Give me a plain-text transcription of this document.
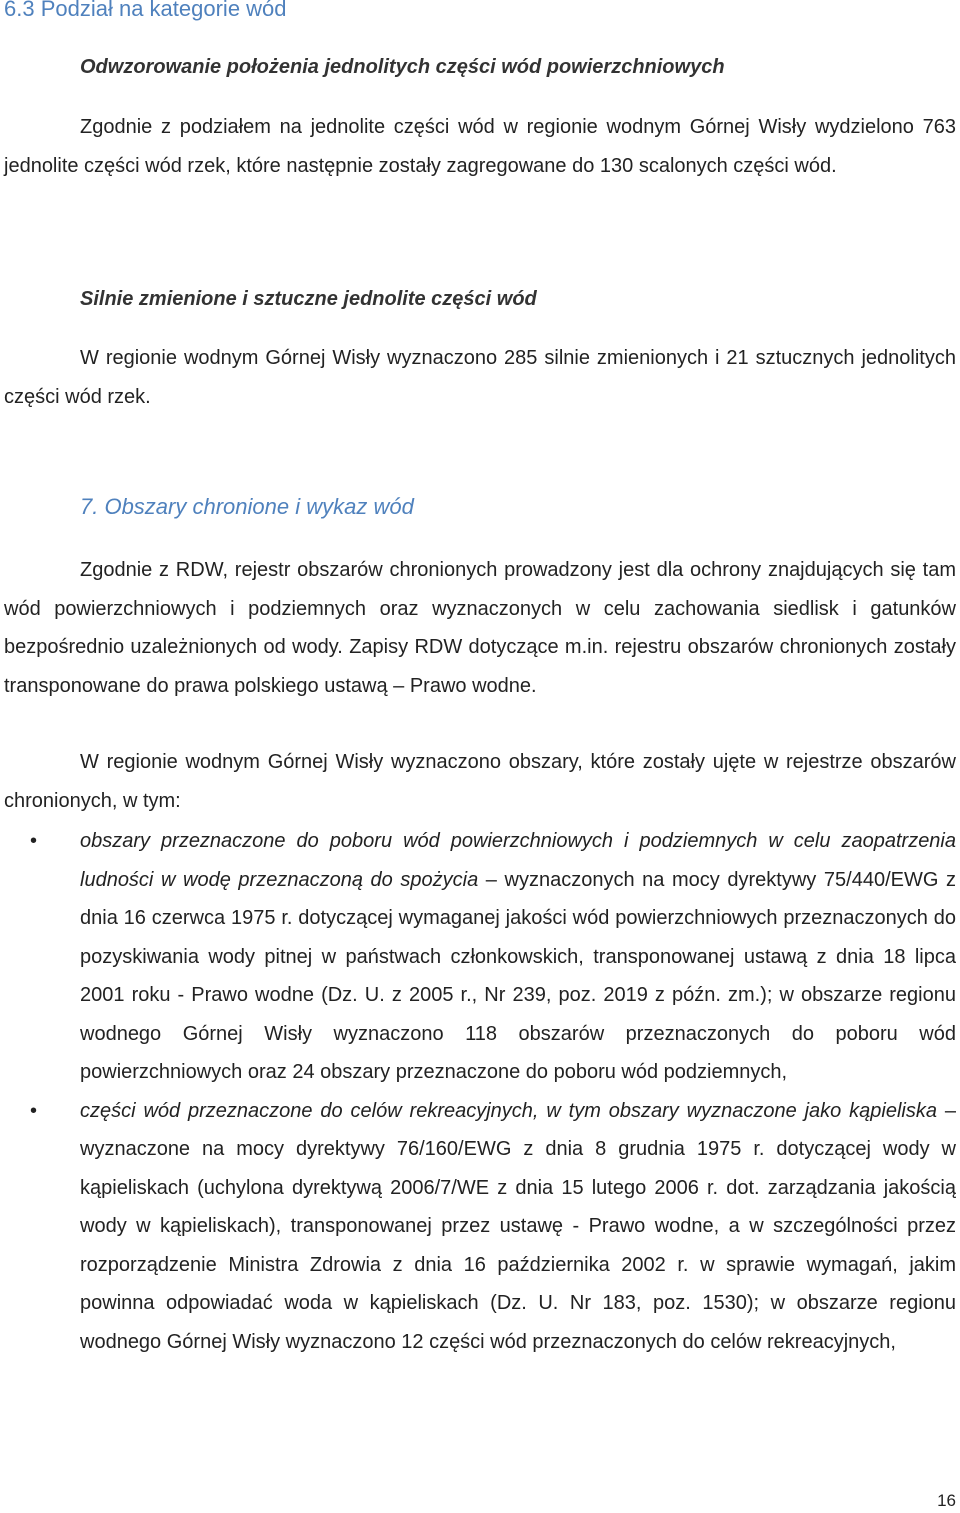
6.3 Podział na kategorie wód
Odwzorowanie położenia jednolitych części wód powierzchniowych

Zgodnie z podziałem na jednolite części wód w regionie wodnym Górnej Wisły wydzielono 763 jednolite części wód rzek, które następnie zostały zagregowane do 130 scalonych części wód.

Silnie zmienione i sztuczne jednolite części wód

W regionie wodnym Górnej Wisły wyznaczono 285 silnie zmienionych i 21 sztucznych jednolitych części wód rzek.

7. Obszary chronione i wykaz wód

Zgodnie z RDW, rejestr obszarów chronionych prowadzony jest dla ochrony znajdujących się tam wód powierzchniowych i podziemnych oraz wyznaczonych w celu zachowania siedlisk i gatunków bezpośrednio uzależnionych od wody. Zapisy RDW dotyczące m.in. rejestru obszarów chronionych zostały transponowane do prawa polskiego ustawą – Prawo wodne.

W regionie wodnym Górnej Wisły wyznaczono obszary, które zostały ujęte w rejestrze obszarów chronionych, w tym:

• obszary przeznaczone do poboru wód powierzchniowych i podziemnych w celu zaopatrzenia ludności w wodę przeznaczoną do spożycia – wyznaczonych na mocy dyrektywy 75/440/EWG z dnia 16 czerwca 1975 r. dotyczącej wymaganej jakości wód powierzchniowych przeznaczonych do pozyskiwania wody pitnej w państwach członkowskich, transponowanej ustawą z dnia 18 lipca 2001 roku - Prawo wodne (Dz. U. z 2005 r., Nr 239, poz. 2019 z późn. zm.); w obszarze regionu wodnego Górnej Wisły wyznaczono 118 obszarów przeznaczonych do poboru wód powierzchniowych oraz 24 obszary przeznaczone do poboru wód podziemnych,
• części wód przeznaczone do celów rekreacyjnych, w tym obszary wyznaczone jako kąpieliska – wyznaczone na mocy dyrektywy 76/160/EWG z dnia 8 grudnia 1975 r. dotyczącej wody w kąpieliskach (uchylona dyrektywą 2006/7/WE z dnia 15 lutego 2006 r. dot. zarządzania jakością wody w kąpieliskach), transponowanej przez ustawę - Prawo wodne, a w szczególności przez rozporządzenie Ministra Zdrowia z dnia 16 października 2002 r. w sprawie wymagań, jakim powinna odpowiadać woda w kąpieliskach (Dz. U. Nr 183, poz. 1530); w obszarze regionu wodnego Górnej Wisły wyznaczono 12 części wód przeznaczonych do celów rekreacyjnych,
16
